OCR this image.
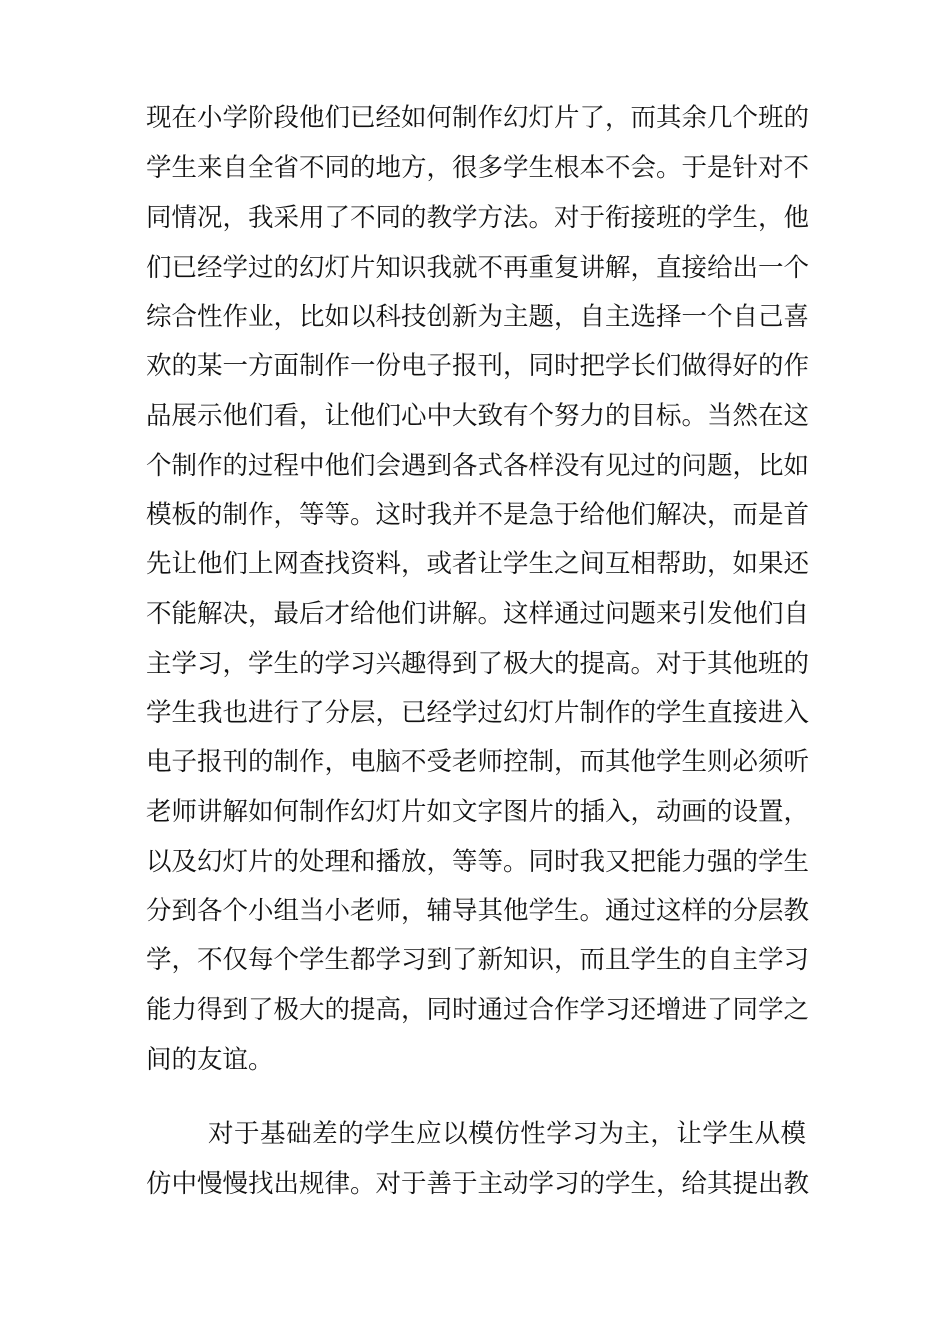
现在小学阶段他们已经如何制作幻灯片了，而其余几个班的
学生来自全省不同的地方，很多学生根本不会。于是针对不
同情况，我采用了不同的教学方法。对于衔接班的学生，他
们已经学过的幻灯片知识我就不再重复讲解，直接给出一个
综合性作业，比如以科技创新为主题，自主选择一个自己喜
欢的某一方面制作一份电子报刊，同时把学长们做得好的作
品展示他们看，让他们心中大致有个努力的目标。当然在这
个制作的过程中他们会遇到各式各样没有见过的问题，比如
模板的制作，等等。这时我并不是急于给他们解决，而是首
先让他们上网查找资料，或者让学生之间互相帮助，如果还
不能解决，最后才给他们讲解。这样通过问题来引发他们自
主学习，学生的学习兴趣得到了极大的提高。对于其他班的
学生我也进行了分层，已经学过幻灯片制作的学生直接进入
电子报刊的制作，电脑不受老师控制，而其他学生则必须听
老师讲解如何制作幻灯片如文字图片的插入，动画的设置，
以及幻灯片的处理和播放，等等。同时我又把能力强的学生
分到各个小组当小老师，辅导其他学生。通过这样的分层教
学，不仅每个学生都学习到了新知识，而且学生的自主学习
能力得到了极大的提高，同时通过合作学习还增进了同学之
间的友谊。
对于基础差的学生应以模仿性学习为主，让学生从模
仿中慢慢找出规律。对于善于主动学习的学生，给其提出教
